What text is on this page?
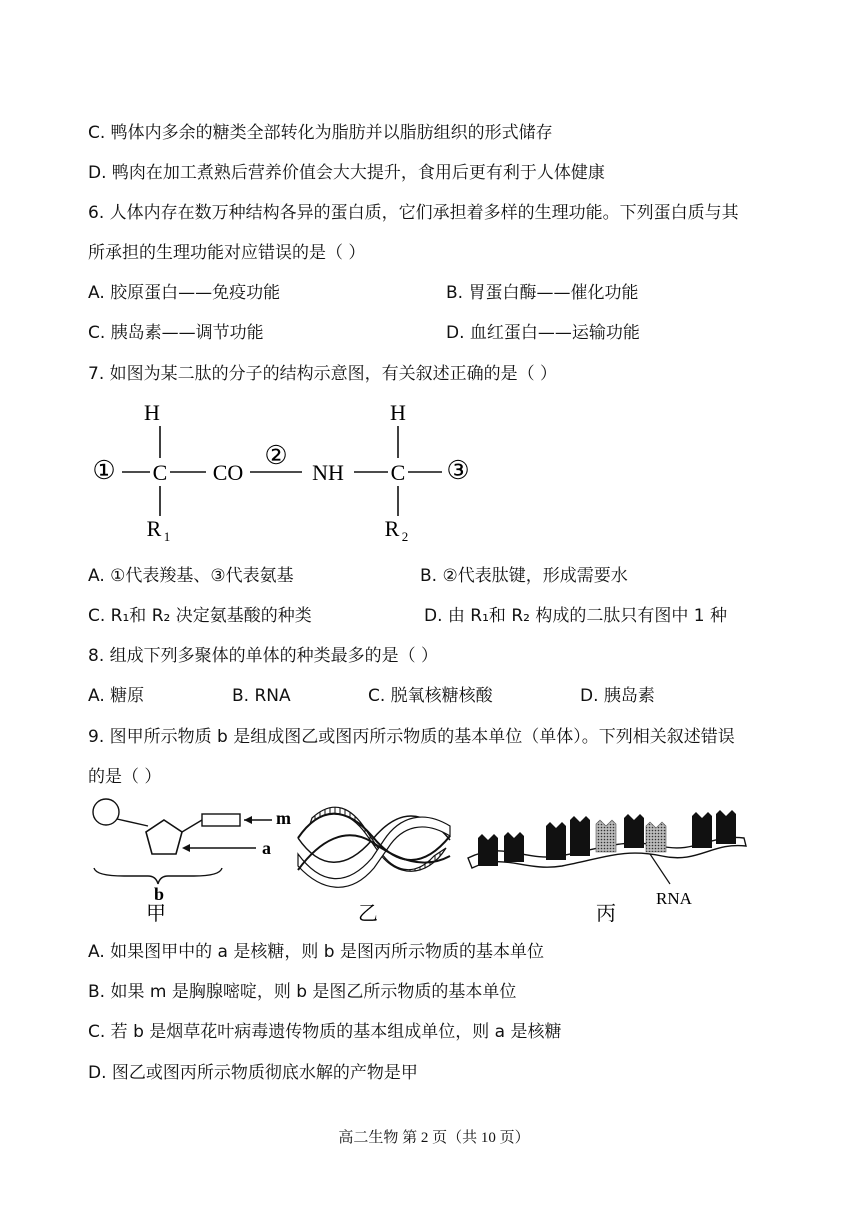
C. 鸭体内多余的糖类全部转化为脂肪并以脂肪组织的形式储存
D. 鸭肉在加工煮熟后营养价值会大大提升，食用后更有利于人体健康
6. 人体内存在数万种结构各异的蛋白质，它们承担着多样的生理功能。下列蛋白质与其
所承担的生理功能对应错误的是（ ）
A. 胶原蛋白——免疫功能	B. 胃蛋白酶——催化功能
C. 胰岛素——调节功能	D. 血红蛋白——运输功能
7. 如图为某二肽的分子的结构示意图，有关叙述正确的是（ ）
H
① C
R 1
CO
②
NH
H
C ③
R 2
A. ①代表羧基、③代表氨基	B. ②代表肽键，形成需要水
C. R₁和 R₂ 决定氨基酸的种类	D. 由 R₁和 R₂ 构成的二肽只有图中 1 种
8. 组成下列多聚体的单体的种类最多的是（ ）
A. 糖原	B. RNA	C. 脱氧核糖核酸	D. 胰岛素
9. 图甲所示物质 b 是组成图乙或图丙所示物质的基本单位（单体）。下列相关叙述错误
的是（ ）
m
a
b
乙
RNA
丙
甲
A. 如果图甲中的 a 是核糖，则 b 是图丙所示物质的基本单位
B. 如果 m 是胸腺嘧啶，则 b 是图乙所示物质的基本单位
C. 若 b 是烟草花叶病毒遗传物质的基本组成单位，则 a 是核糖
D. 图乙或图丙所示物质彻底水解的产物是甲
高二生物 第 2 页（共 10 页）
